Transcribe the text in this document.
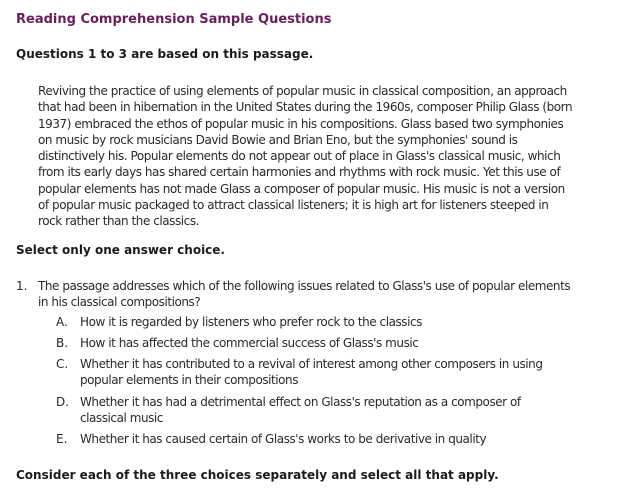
Reading Comprehension Sample Questions
Questions 1 to 3 are based on this passage.
Reviving the practice of using elements of popular music in classical composition, an approach
that had been in hibernation in the United States during the 1960s, composer Philip Glass (born
1937) embraced the ethos of popular music in his compositions. Glass based two symphonies
on music by rock musicians David Bowie and Brian Eno, but the symphonies' sound is
distinctively his. Popular elements do not appear out of place in Glass's classical music, which
from its early days has shared certain harmonies and rhythms with rock music. Yet this use of
popular elements has not made Glass a composer of popular music. His music is not a version
of popular music packaged to attract classical listeners; it is high art for listeners steeped in
rock rather than the classics.
Select only one answer choice.
1. The passage addresses which of the following issues related to Glass's use of popular elements
in his classical compositions?
A. How it is regarded by listeners who prefer rock to the classics
B. How it has affected the commercial success of Glass's music
C. Whether it has contributed to a revival of interest among other composers in using
popular elements in their compositions
D. Whether it has had a detrimental effect on Glass's reputation as a composer of
classical music
E. Whether it has caused certain of Glass's works to be derivative in quality
Consider each of the three choices separately and select all that apply.
